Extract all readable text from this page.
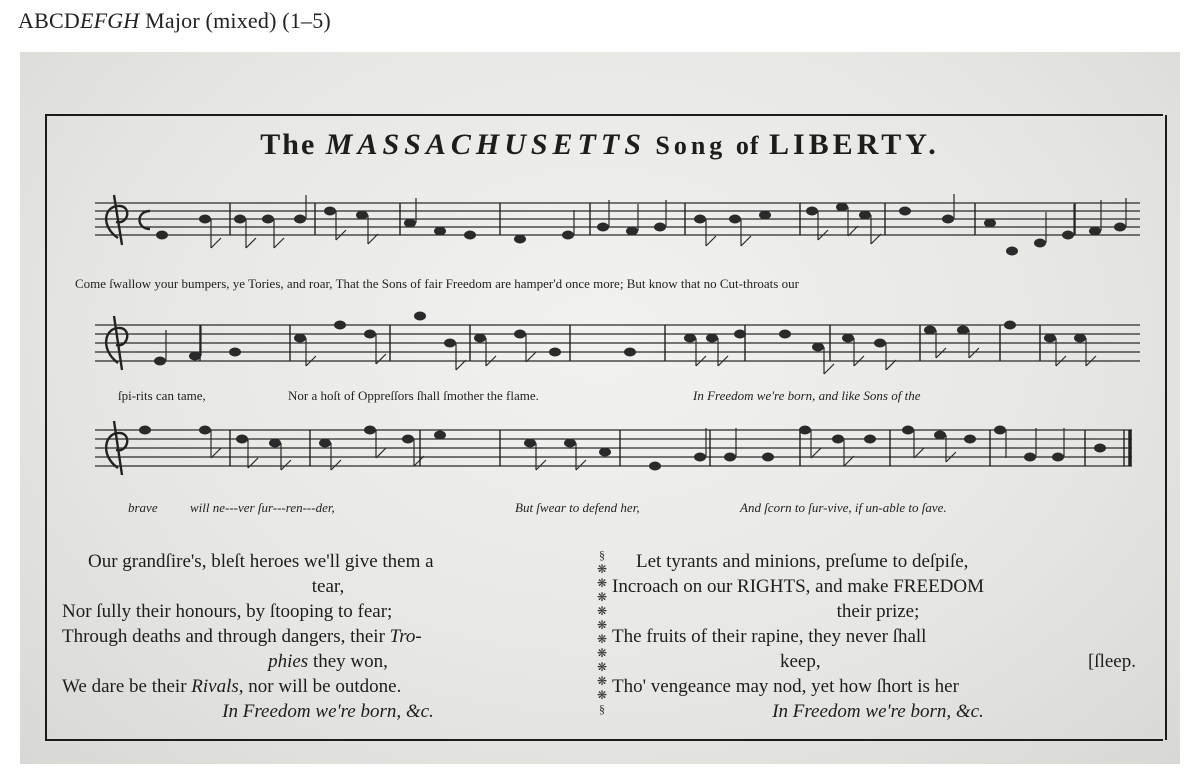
ABCDEFGH Major (mixed) (1–5)
The MASSACHUSETTS Song of LIBERTY.
Come ſwallow your bumpers, ye Tories, and roar, That the Sons of fair Freedom are hamper'd once more; But know that no Cut-throats our
ſpi-rits can tame,	Nor a hoſt of Oppreſſors ſhall ſmother the flame.	In Freedom we're born, and like Sons of the
brave will ne---ver ſur---ren---der,	But ſwear to defend her,	And ſcorn to ſur-vive, if un-able to ſave.
Our grandſire's, bleſt heroes we'll give them a
tear,
Nor ſully their honours, by ſtooping to fear;
Through deaths and through dangers, their Tro-
phies they won,
We dare be their Rivals, nor will be outdone.
In Freedom we're born, &c.
§
❋
❋
❋
❋
❋
❋
❋
❋
❋
❋
§
Let tyrants and minions, preſume to deſpiſe,
Incroach on our RIGHTS, and make FREEDOM
their prize;
The fruits of their rapine, they never ſhall
keep,	[ſleep.
Tho' vengeance may nod, yet how ſhort is her
In Freedom we're born, &c.
